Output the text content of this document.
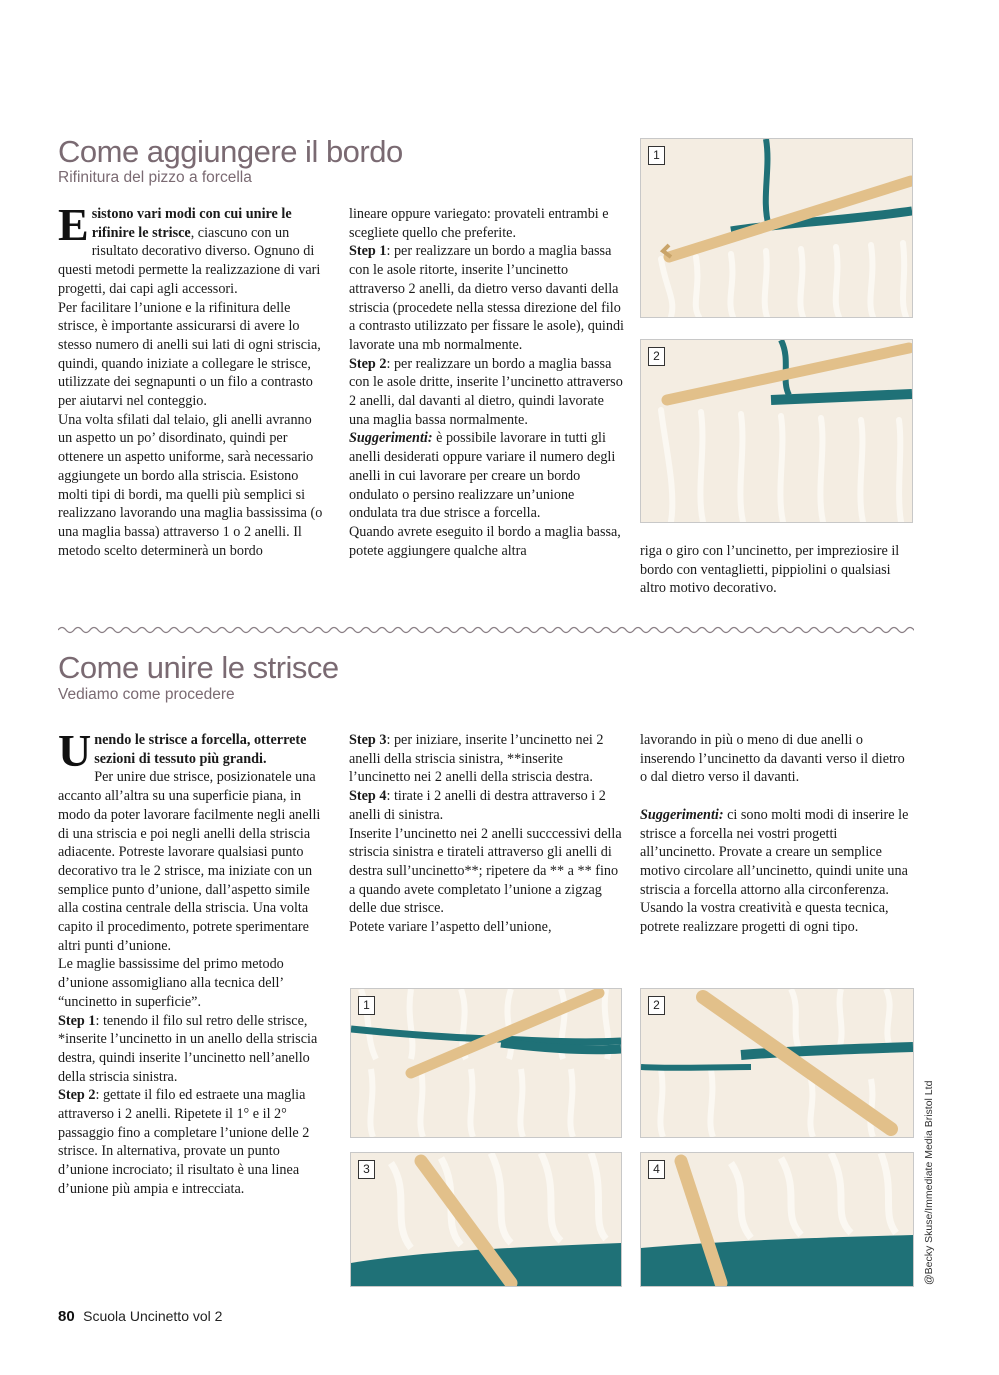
Come aggiungere il bordo
Rifinitura del pizzo a forcella

Esistono vari modi con cui unire le rifinire le strisce, ciascuno con un risultato decorativo diverso. Ognuno di questi metodi permette la realizzazione di vari progetti, dai capi agli accessori.

Per facilitare l’unione e la rifinitura delle strisce, è importante assicurarsi di avere lo stesso numero di anelli sui lati di ogni striscia, quindi, quando iniziate a collegare le strisce, utilizzate dei segnapunti o un filo a contrasto per aiutarvi nel conteggio.

Una volta sfilati dal telaio, gli anelli avranno un aspetto un po’ disordinato, quindi per ottenere un aspetto uniforme, sarà necessario aggiungete un bordo alla striscia. Esistono molti tipi di bordi, ma quelli più semplici si realizzano lavorando una maglia bassissima (o una maglia bassa) attraverso 1 o 2 anelli. Il metodo scelto determinerà un bordo

lineare oppure variegato: provateli entrambi e scegliete quello che preferite.

Step 1: per realizzare un bordo a maglia bassa con le asole ritorte, inserite l’uncinetto attraverso 2 anelli, da dietro verso davanti della striscia (procedete nella stessa direzione del filo a contrasto utilizzato per fissare le asole), quindi lavorate una mb normalmente.

Step 2: per realizzare un bordo a maglia bassa con le asole dritte, inserite l’uncinetto attraverso 2 anelli, dal davanti al dietro, quindi lavorate una maglia bassa normalmente.

Suggerimenti: è possibile lavorare in tutti gli anelli desiderati oppure variare il numero degli anelli in cui lavorare per creare un bordo ondulato o persino realizzare un’unione ondulata tra due strisce a forcella.

Quando avrete eseguito il bordo a maglia bassa, potete aggiungere qualche altra	riga o giro con l’uncinetto, per impreziosire il bordo con ventaglietti, pippiolini o qualsiasi altro motivo decorativo.

1
2
Come unire le strisce
Vediamo come procedere

Unendo le strisce a forcella, otterrete sezioni di tessuto più grandi.

Per unire due strisce, posizionatele una accanto all’altra su una superficie piana, in modo da poter lavorare facilmente negli anelli di una striscia e poi negli anelli della striscia adiacente. Potreste lavorare qualsiasi punto decorativo tra le 2 strisce, ma iniziate con un semplice punto d’unione, dall’aspetto simile alla costina centrale della striscia. Una volta capito il procedimento, potrete sperimentare altri punti d’unione.

Le maglie bassissime del primo metodo d’unione assomigliano alla tecnica dell’ “uncinetto in superficie”.

Step 1: tenendo il filo sul retro delle strisce, *inserite l’uncinetto in un anello della striscia destra, quindi inserite l’uncinetto nell’anello della striscia sinistra.

Step 2: gettate il filo ed estraete una maglia attraverso i 2 anelli. Ripetete il 1° e il 2° passaggio fino a completare l’unione delle 2 strisce. In alternativa, provate un punto d’unione incrociato; il risultato è una linea d’unione più ampia e intrecciata.

Step 3: per iniziare, inserite l’uncinetto nei 2 anelli della striscia sinistra, **inserite l’uncinetto nei 2 anelli della striscia destra.

Step 4: tirate i 2 anelli di destra attraverso i 2 anelli di sinistra.

Inserite l’uncinetto nei 2 anelli succcessivi della striscia sinistra e tirateli attraverso gli anelli di destra sull’uncinetto**; ripetere da ** a ** fino a quando avete completato l’unione a zigzag delle due strisce.

Potete variare l’aspetto dell’unione,

lavorando in più o meno di due anelli o inserendo l’uncinetto da davanti verso il dietro o dal dietro verso il davanti.

Suggerimenti: ci sono molti modi di inserire le strisce a forcella nei vostri progetti all’uncinetto. Provate a creare un semplice motivo circolare all’uncinetto, quindi unite una striscia a forcella attorno alla circonferenza. Usando la vostra creatività e questa tecnica, potrete realizzare progetti di ogni tipo.

1	2
3	4	@Becky Skuse/Immediate Media Bristol Ltd
80 Scuola Uncinetto vol 2
